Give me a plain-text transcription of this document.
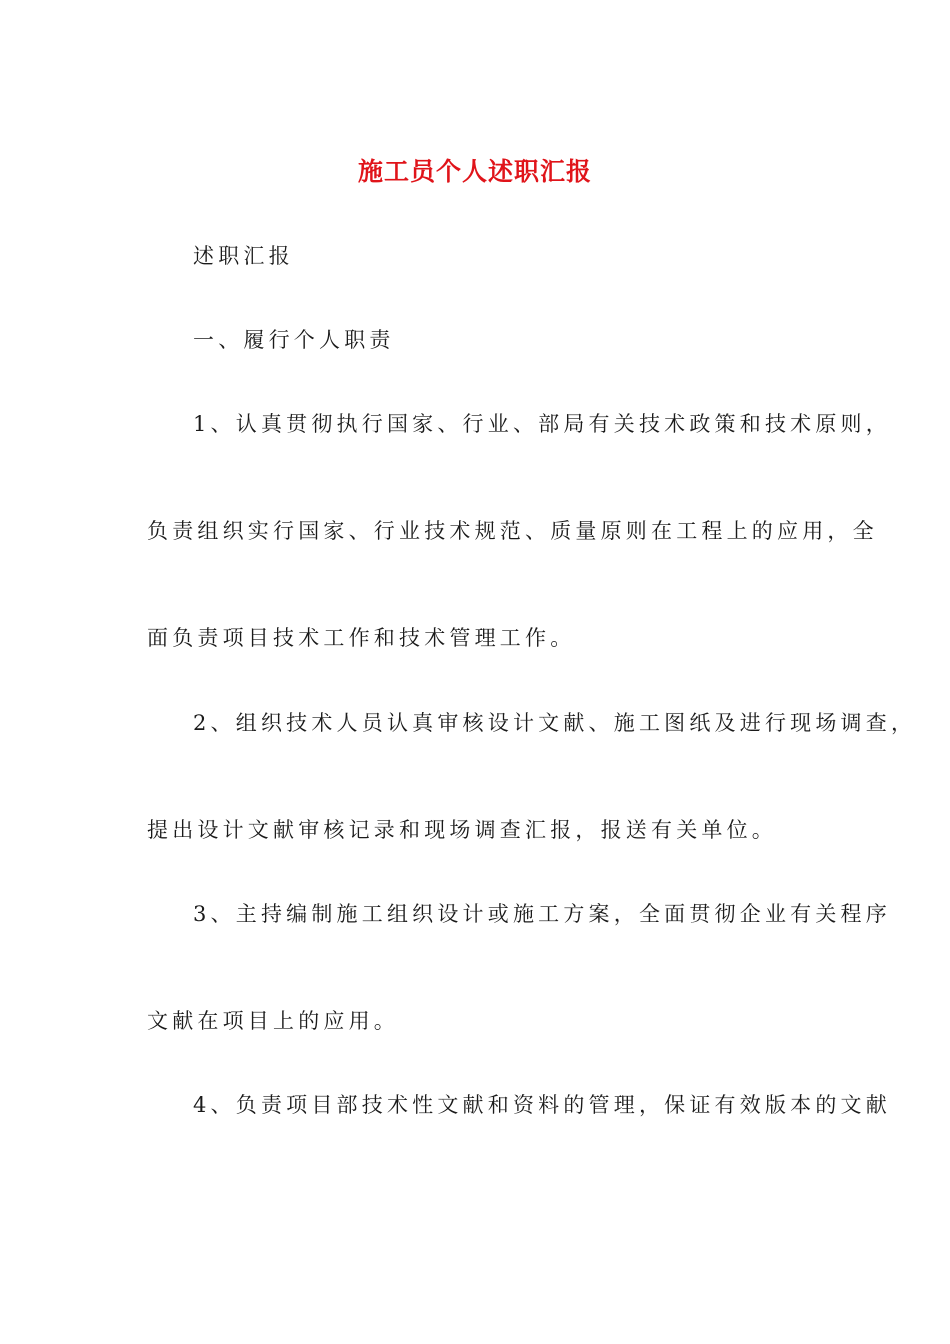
施工员个人述职汇报
述职汇报
一、履行个人职责
1、认真贯彻执行国家、行业、部局有关技术政策和技术原则，
负责组织实行国家、行业技术规范、质量原则在工程上的应用，全
面负责项目技术工作和技术管理工作。
2、组织技术人员认真审核设计文献、施工图纸及进行现场调查，
提出设计文献审核记录和现场调查汇报，报送有关单位。
3、主持编制施工组织设计或施工方案，全面贯彻企业有关程序
文献在项目上的应用。
4、负责项目部技术性文献和资料的管理，保证有效版本的文献
